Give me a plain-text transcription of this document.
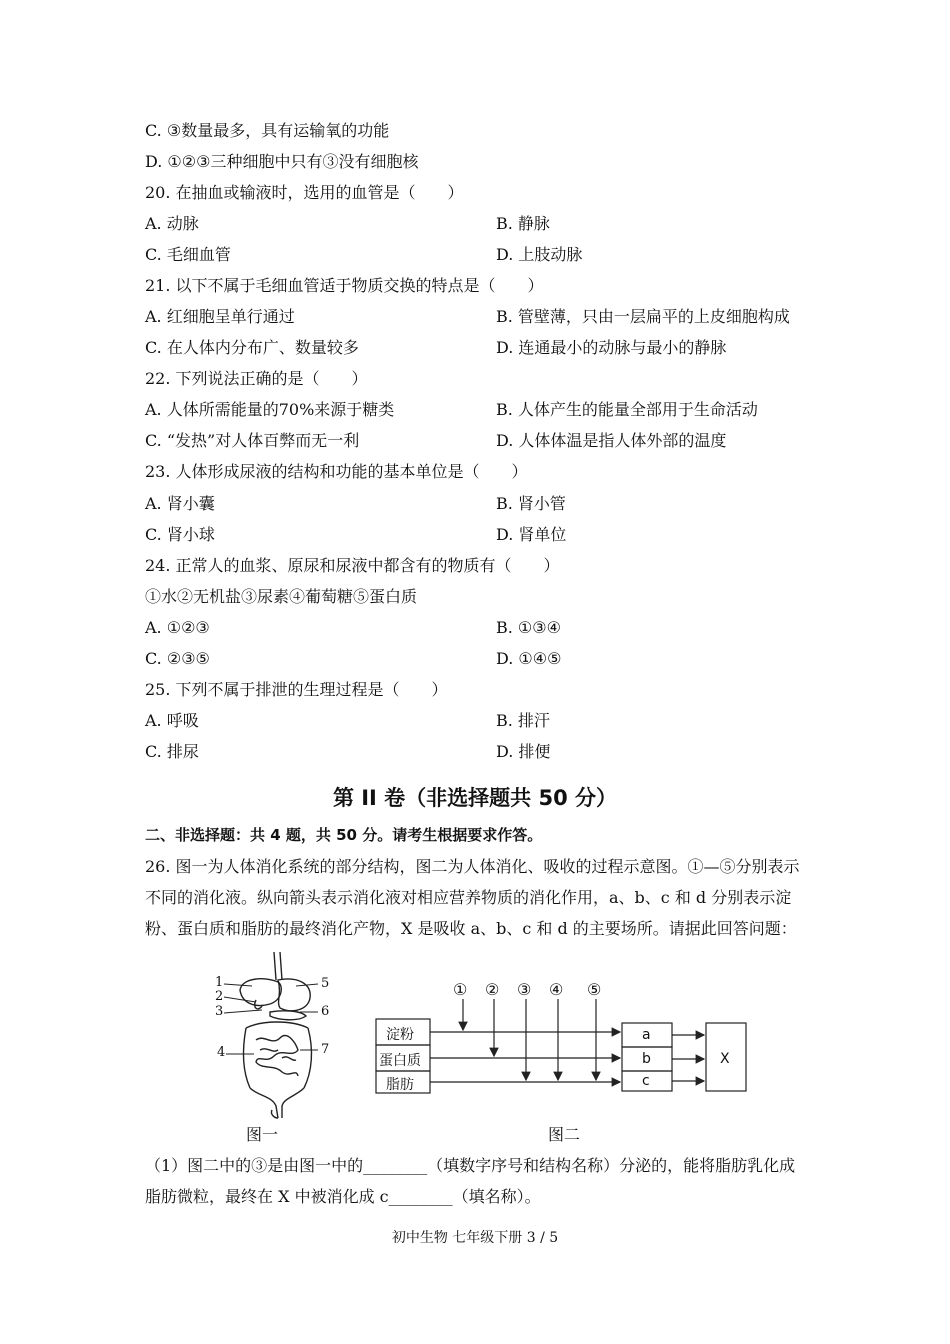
C. ③数量最多，具有运输氧的功能
D. ①②③三种细胞中只有③没有细胞核
20. 在抽血或输液时，选用的血管是（　　）
A. 动脉	B. 静脉
C. 毛细血管	D. 上肢动脉
21. 以下不属于毛细血管适于物质交换的特点是（　　）
A. 红细胞呈单行通过	B. 管壁薄，只由一层扁平的上皮细胞构成
C. 在人体内分布广、数量较多	D. 连通最小的动脉与最小的静脉
22. 下列说法正确的是（　　）
A. 人体所需能量的70%来源于糖类	B. 人体产生的能量全部用于生命活动
C. “发热”对人体百弊而无一利	D. 人体体温是指人体外部的温度
23. 人体形成尿液的结构和功能的基本单位是（　　）
A. 肾小囊	B. 肾小管
C. 肾小球	D. 肾单位
24. 正常人的血浆、原尿和尿液中都含有的物质有（　　）
①水②无机盐③尿素④葡萄糖⑤蛋白质
A. ①②③	B. ①③④
C. ②③⑤	D. ①④⑤
25. 下列不属于排泄的生理过程是（　　）
A. 呼吸	B. 排汗
C. 排尿	D. 排便
第 II 卷（非选择题共 50 分）
二、非选择题：共 4 题，共 50 分。请考生根据要求作答。
26. 图一为人体消化系统的部分结构，图二为人体消化、吸收的过程示意图。①—⑤分别表示不同的消化液。纵向箭头表示消化液对相应营养物质的消化作用，a、b、c 和 d 分别表示淀粉、蛋白质和脂肪的最终消化产物，X 是吸收 a、b、c 和 d 的主要场所。请据此回答问题：
1
2
3
4
5
6
7
① ② ③ ④ ⑤
淀粉
蛋白质
脂肪
a
b
c
X
图一	图二
（1）图二中的③是由图一中的________（填数字序号和结构名称）分泌的，能将脂肪乳化成脂肪微粒，最终在 X 中被消化成 c________（填名称）。
初中生物 七年级下册 3 / 5
